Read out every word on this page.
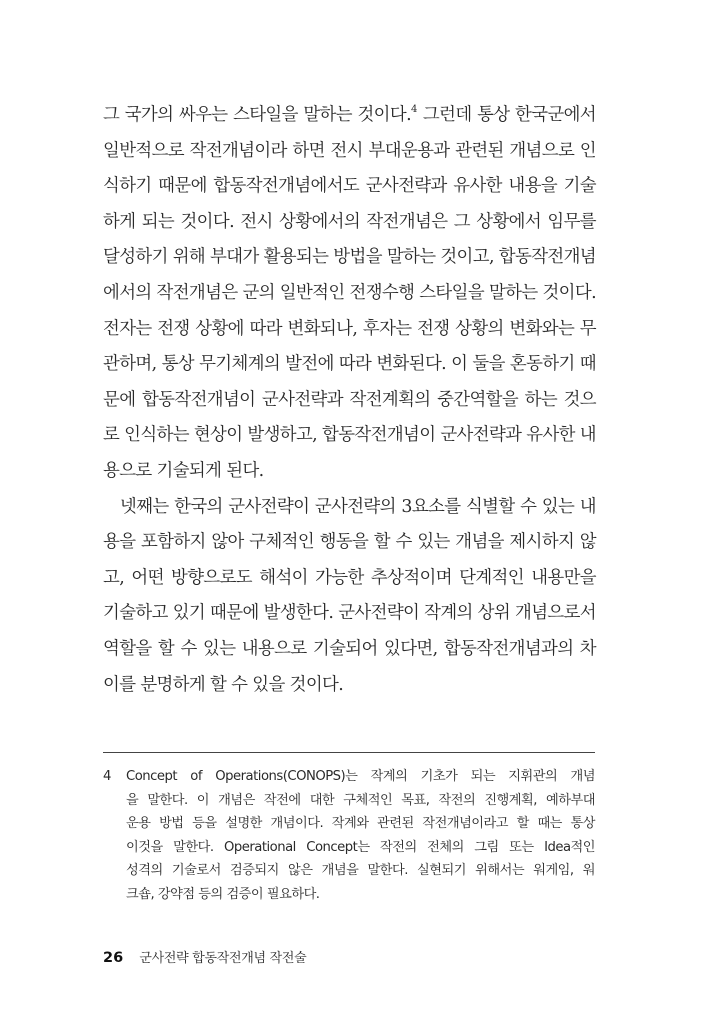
그 국가의 싸우는 스타일을 말하는 것이다.$^4$ 그런데 통상 한국군에서
일반적으로 작전개념이라 하면 전시 부대운용과 관련된 개념으로 인
식하기 때문에 합동작전개념에서도 군사전략과 유사한 내용을 기술
하게 되는 것이다. 전시 상황에서의 작전개념은 그 상황에서 임무를
달성하기 위해 부대가 활용되는 방법을 말하는 것이고, 합동작전개념
에서의 작전개념은 군의 일반적인 전쟁수행 스타일을 말하는 것이다.
전자는 전쟁 상황에 따라 변화되나, 후자는 전쟁 상황의 변화와는 무
관하며, 통상 무기체계의 발전에 따라 변화된다. 이 둘을 혼동하기 때
문에 합동작전개념이 군사전략과 작전계획의 중간역할을 하는 것으
로 인식하는 현상이 발생하고, 합동작전개념이 군사전략과 유사한 내
용으로 기술되게 된다.
넷째는 한국의 군사전략이 군사전략의 3요소를 식별할 수 있는 내
용을 포함하지 않아 구체적인 행동을 할 수 있는 개념을 제시하지 않
고, 어떤 방향으로도 해석이 가능한 추상적이며 단계적인 내용만을
기술하고 있기 때문에 발생한다. 군사전략이 작계의 상위 개념으로서
역할을 할 수 있는 내용으로 기술되어 있다면, 합동작전개념과의 차
이를 분명하게 할 수 있을 것이다.
4	Concept of Operations(CONOPS)는 작계의 기초가 되는 지휘관의 개념
을 말한다. 이 개념은 작전에 대한 구체적인 목표, 작전의 진행계획, 예하부대
운용 방법 등을 설명한 개념이다. 작계와 관련된 작전개념이라고 할 때는 통상
이것을 말한다. Operational Concept는 작전의 전체의 그림 또는 Idea적인
성격의 기술로서 검증되지 않은 개념을 말한다. 실현되기 위해서는 워게임, 워
크숍, 강약점 등의 검증이 필요하다.
26 군사전략 합동작전개념 작전술
